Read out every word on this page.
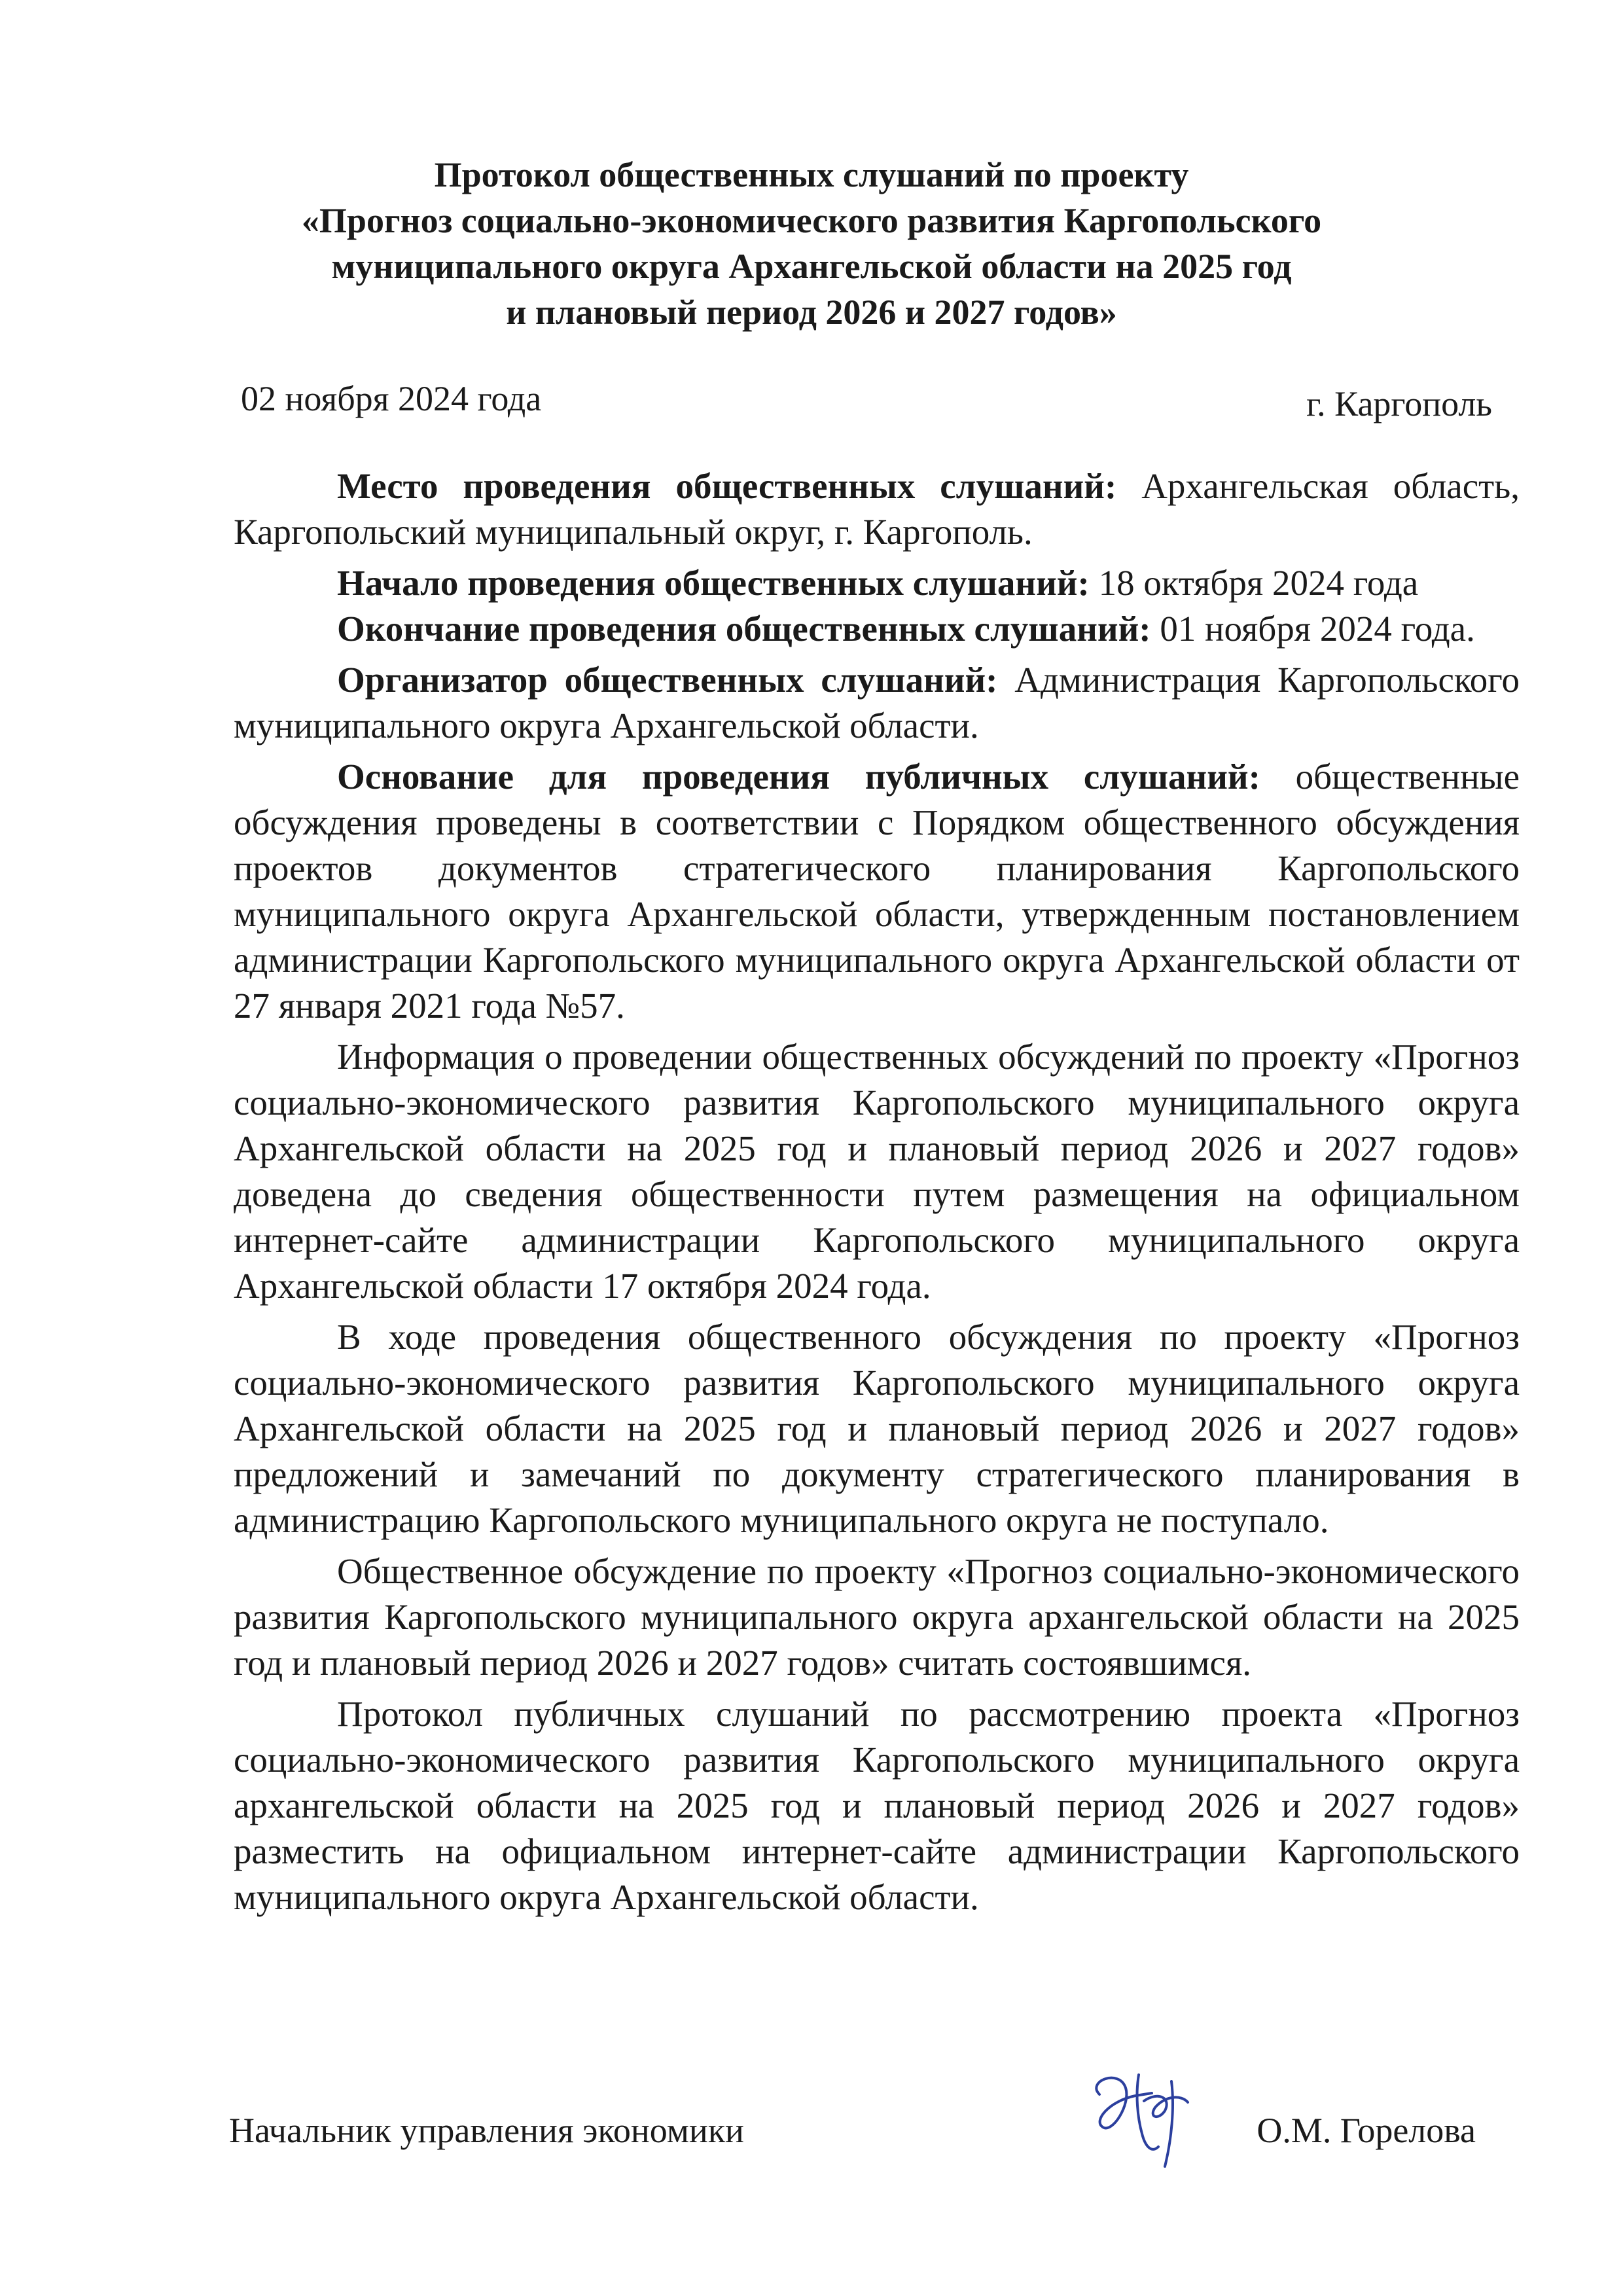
Протокол общественных слушаний по проекту
«Прогноз социально-экономического развития Каргопольского
муниципального округа Архангельской области на 2025 год
и плановый период 2026 и 2027 годов»
02 ноября 2024 года	г. Каргополь

Место проведения общественных слушаний: Архангельская область, Каргопольский муниципальный округ, г. Каргополь.

Начало проведения общественных слушаний: 18 октября 2024 года

Окончание проведения общественных слушаний: 01 ноября 2024 года.

Организатор общественных слушаний: Администрация Каргопольского муниципального округа Архангельской области.

Основание для проведения публичных слушаний: общественные обсуждения проведены в соответствии с Порядком общественного обсуждения проектов документов стратегического планирования Каргопольского муниципального округа Архангельской области, утвержденным постановлением администрации Каргопольского муниципального округа Архангельской области от 27 января 2021 года №57.

Информация о проведении общественных обсуждений по проекту «Прогноз социально-экономического развития Каргопольского муниципального округа Архангельской области на 2025 год и плановый период 2026 и 2027 годов» доведена до сведения общественности путем размещения на официальном интернет-сайте администрации Каргопольского муниципального округа Архангельской области 17 октября 2024 года.

В ходе проведения общественного обсуждения по проекту «Прогноз социально-экономического развития Каргопольского муниципального округа Архангельской области на 2025 год и плановый период 2026 и 2027 годов» предложений и замечаний по документу стратегического планирования в администрацию Каргопольского муниципального округа не поступало.

Общественное обсуждение по проекту «Прогноз социально-экономического развития Каргопольского муниципального округа архангельской области на 2025 год и плановый период 2026 и 2027 годов» считать состоявшимся.

Протокол публичных слушаний по рассмотрению проекта «Прогноз социально-экономического развития Каргопольского муниципального округа архангельской области на 2025 год и плановый период 2026 и 2027 годов» разместить на официальном интернет-сайте администрации Каргопольского муниципального округа Архангельской области.

Начальник управления экономики	О.М. Горелова
